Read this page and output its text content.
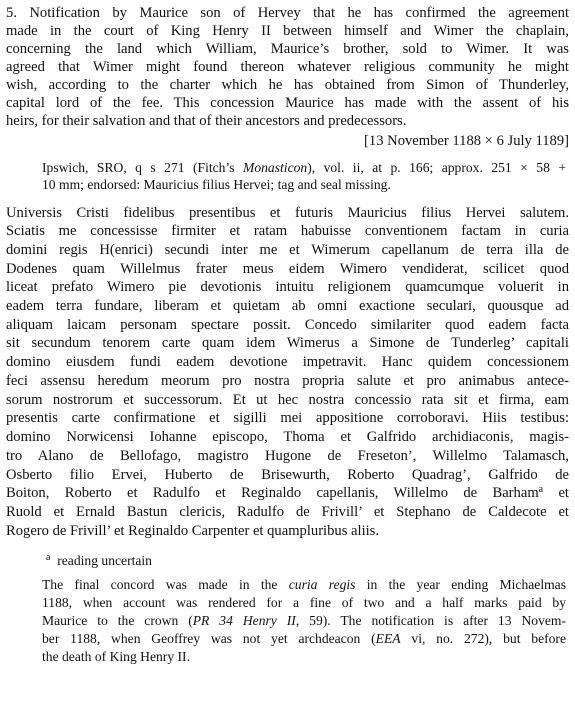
5. Notification by Maurice son of Hervey that he has confirmed the agreement

made in the court of King Henry II between himself and Wimer the chaplain,

concerning the land which William, Maurice’s brother, sold to Wimer. It was

agreed that Wimer might found thereon whatever religious community he might

wish, according to the charter which he has obtained from Simon of Thunderley,

capital lord of the fee. This concession Maurice has made with the assent of his

heirs, for their salvation and that of their ancestors and predecessors.

[13 November 1188 × 6 July 1189]

Ipswich, SRO, q s 271 (Fitch’s Monasticon), vol. ii, at p. 166; approx. 251 × 58 +

10 mm; endorsed: Mauricius filius Hervei; tag and seal missing.

Universis Cristi fidelibus presentibus et futuris Mauricius filius Hervei salutem.

Sciatis me concessisse firmiter et ratam habuisse conventionem factam in curia

domini regis H(enrici) secundi inter me et Wimerum capellanum de terra illa de

Dodenes quam Willelmus frater meus eidem Wimero vendiderat, scilicet quod

liceat prefato Wimero pie devotionis intuitu religionem quamcumque voluerit in

eadem terra fundare, liberam et quietam ab omni exactione seculari, quousque ad

aliquam laicam personam spectare possit. Concedo similariter quod eadem facta

sit secundum tenorem carte quam idem Wimerus a Simone de Tunderleg’ capitali

domino eiusdem fundi eadem devotione impetravit. Hanc quidem concessionem

feci assensu heredum meorum pro nostra propria salute et pro animabus antece-

sorum nostrorum et successorum. Et ut hec nostra concessio rata sit et firma, eam

presentis carte confirmatione et sigilli mei appositione corroboravi. Hiis testibus:

domino Norwicensi Iohanne episcopo, Thoma et Galfrido archidiaconis, magis-

tro Alano de Bellofago, magistro Hugone de Freseton’, Willelmo Talamasch,

Osberto filio Ervei, Huberto de Brisewurth, Roberto Quadrag’, Galfrido de

Boiton, Roberto et Radulfo et Reginaldo capellanis, Willelmo de Barham$^a$ et

Ruold et Ernald Bastun clericis, Radulfo de Frivill’ et Stephano de Caldecote et

Rogero de Frivill’ et Reginaldo Carpenter et quampluribus aliis.

$^a$ reading uncertain

The final concord was made in the curia regis in the year ending Michaelmas

1188, when account was rendered for a fine of two and a half marks paid by

Maurice to the crown (PR 34 Henry II, 59). The notification is after 13 Novem-

ber 1188, when Geoffrey was not yet archdeacon (EEA vi, no. 272), but before

the death of King Henry II.
